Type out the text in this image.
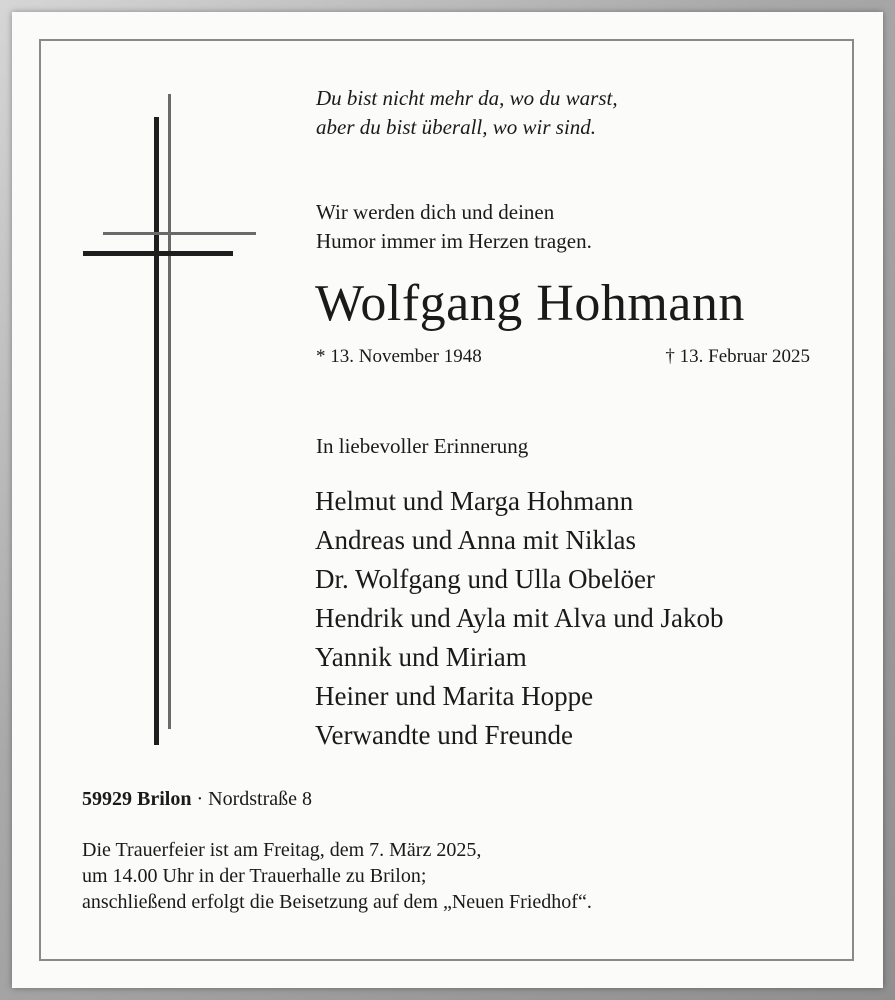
Du bist nicht mehr da, wo du warst,
aber du bist überall, wo wir sind.
Wir werden dich und deinen
Humor immer im Herzen tragen.
Wolfgang Hohmann
* 13. November 1948	† 13. Februar 2025
In liebevoller Erinnerung
Helmut und Marga Hohmann
Andreas und Anna mit Niklas
Dr. Wolfgang und Ulla Obelöer
Hendrik und Ayla mit Alva und Jakob
Yannik und Miriam
Heiner und Marita Hoppe
Verwandte und Freunde
59929 Brilon · Nordstraße 8
Die Trauerfeier ist am Freitag, dem 7. März 2025,
um 14.00 Uhr in der Trauerhalle zu Brilon;
anschließend erfolgt die Beisetzung auf dem „Neuen Friedhof“.
